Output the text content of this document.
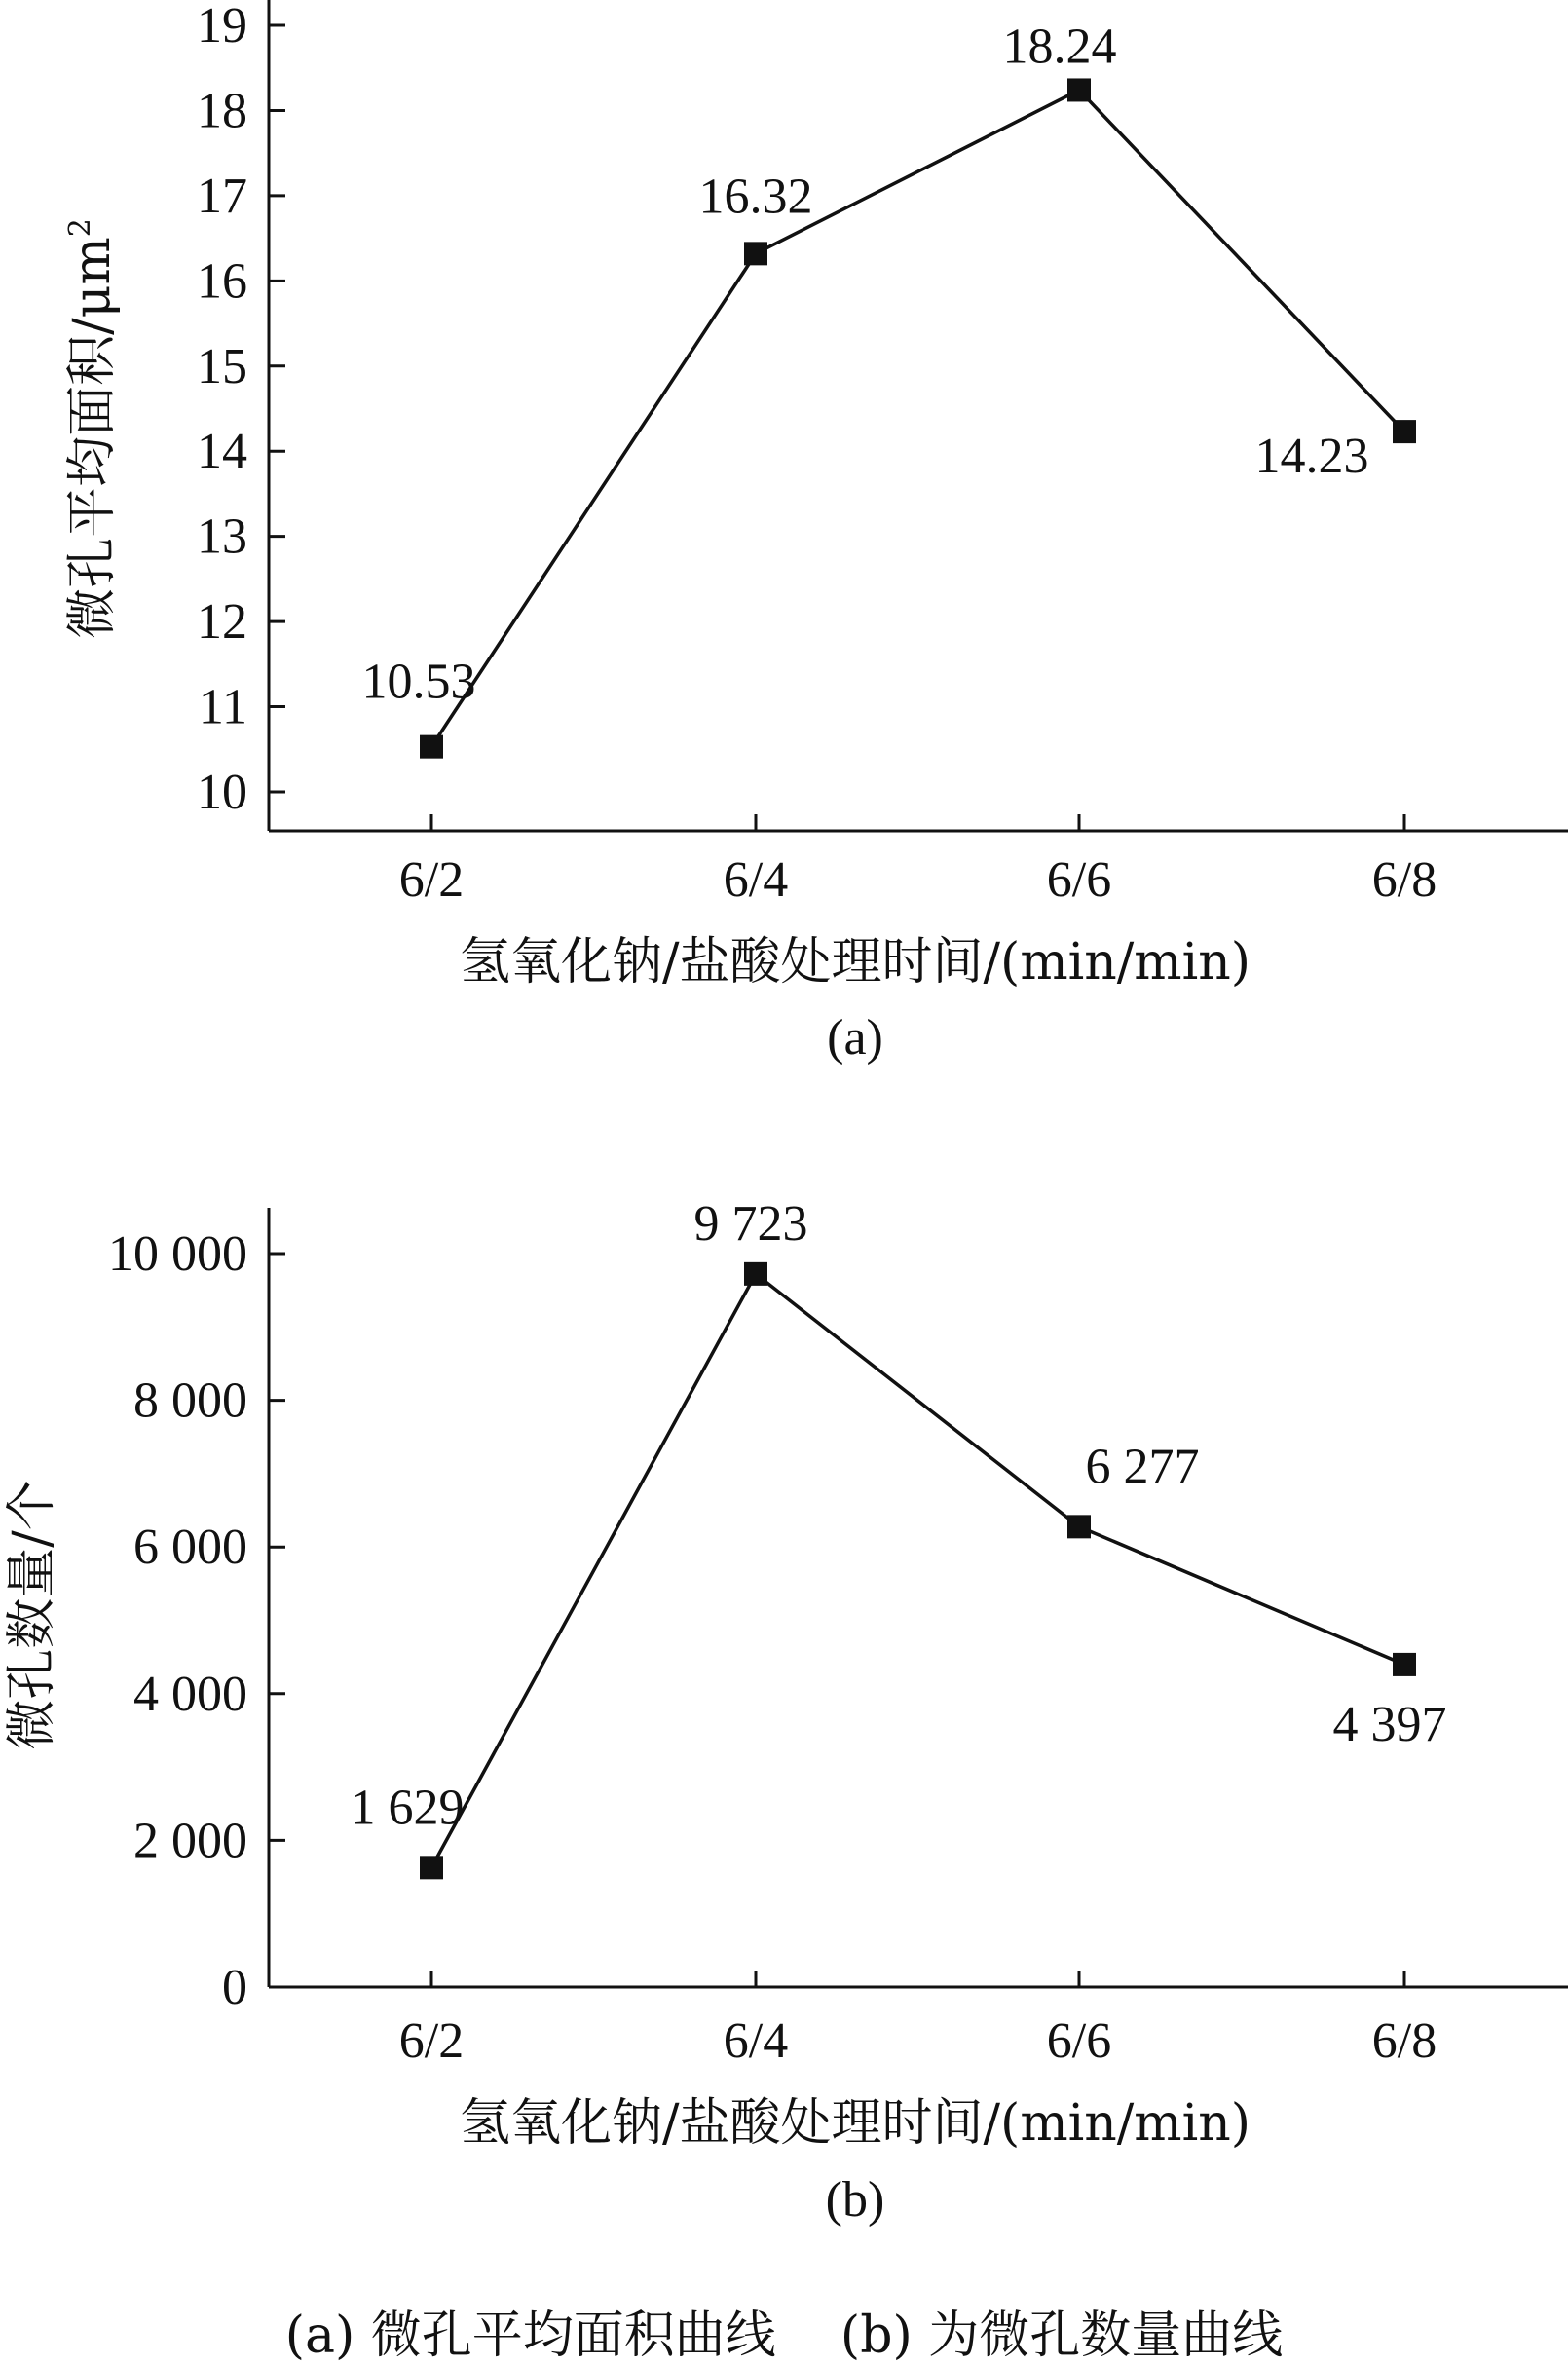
10
11
12
13
14
15
16
17
18
19
6/2	6/4	6/6	6/8
10.53
16.32
18.24
14.23
氢氧化钠/盐酸处理时间/(min/min)
(a)
微孔平均面积$/\mu m^2$
0
2 000
4 000
6 000
8 000
10 000
6/2	6/4	6/6	6/8
1 629
9 723
6 277
4 397
氢氧化钠/盐酸处理时间/(min/min)
(b)
微孔数量/个
(a) 微孔平均面积曲线    (b) 为微孔数量曲线
